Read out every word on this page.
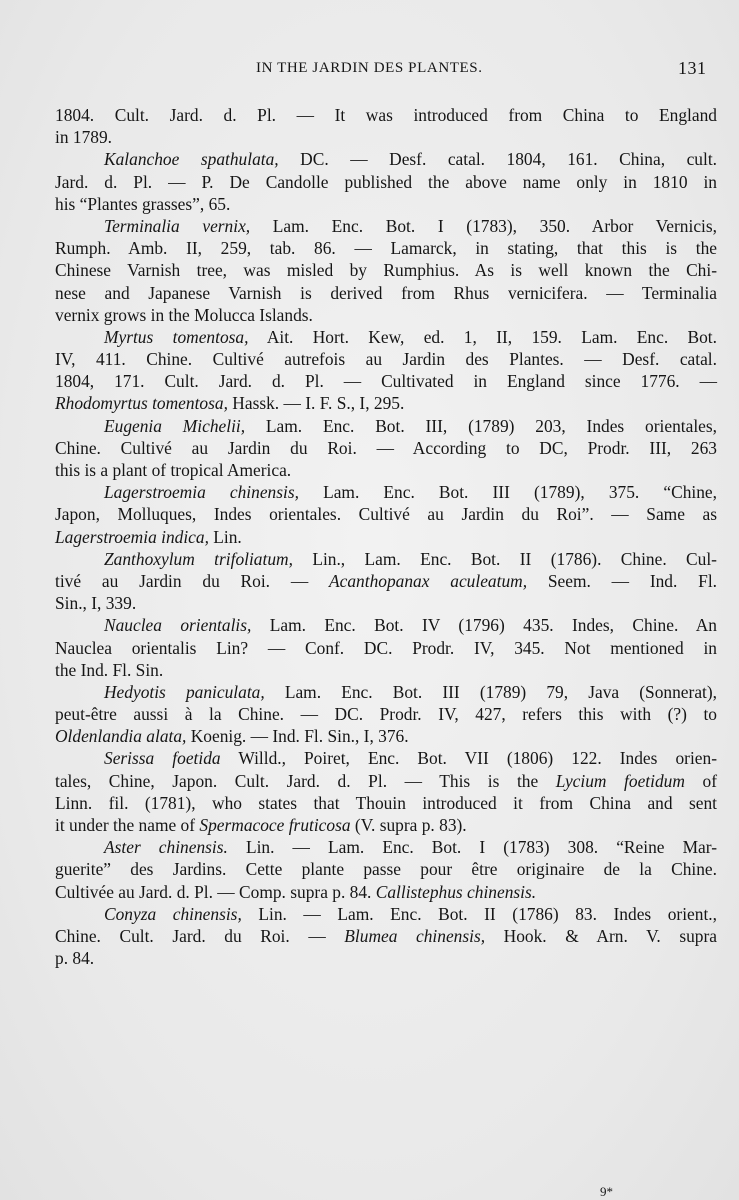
IN THE JARDIN DES PLANTES.	131
1804. Cult. Jard. d. Pl. — It was introduced from China to England
in 1789.
Kalanchoe spathulata, DC. — Desf. catal. 1804, 161. China, cult.
Jard. d. Pl. — P. De Candolle published the above name only in 1810 in
his “Plantes grasses”, 65.
Terminalia vernix, Lam. Enc. Bot. I (1783), 350. Arbor Vernicis,
Rumph. Amb. II, 259, tab. 86. — Lamarck, in stating, that this is the
Chinese Varnish tree, was misled by Rumphius. As is well known the Chi-
nese and Japanese Varnish is derived from Rhus vernicifera. — Terminalia
vernix grows in the Molucca Islands.
Myrtus tomentosa, Ait. Hort. Kew, ed. 1, II, 159. Lam. Enc. Bot.
IV, 411. Chine. Cultivé autrefois au Jardin des Plantes. — Desf. catal.
1804, 171. Cult. Jard. d. Pl. — Cultivated in England since 1776. —
Rhodomyrtus tomentosa, Hassk. — I. F. S., I, 295.
Eugenia Michelii, Lam. Enc. Bot. III, (1789) 203, Indes orientales,
Chine. Cultivé au Jardin du Roi. — According to DC, Prodr. III, 263
this is a plant of tropical America.
Lagerstroemia chinensis, Lam. Enc. Bot. III (1789), 375. “Chine,
Japon, Molluques, Indes orientales. Cultivé au Jardin du Roi”. — Same as
Lagerstroemia indica, Lin.
Zanthoxylum trifoliatum, Lin., Lam. Enc. Bot. II (1786). Chine. Cul-
tivé au Jardin du Roi. — Acanthopanax aculeatum, Seem. — Ind. Fl.
Sin., I, 339.
Nauclea orientalis, Lam. Enc. Bot. IV (1796) 435. Indes, Chine. An
Nauclea orientalis Lin? — Conf. DC. Prodr. IV, 345. Not mentioned in
the Ind. Fl. Sin.
Hedyotis paniculata, Lam. Enc. Bot. III (1789) 79, Java (Sonnerat),
peut-être aussi à la Chine. — DC. Prodr. IV, 427, refers this with (?) to
Oldenlandia alata, Koenig. — Ind. Fl. Sin., I, 376.
Serissa foetida Willd., Poiret, Enc. Bot. VII (1806) 122. Indes orien-
tales, Chine, Japon. Cult. Jard. d. Pl. — This is the Lycium foetidum of
Linn. fil. (1781), who states that Thouin introduced it from China and sent
it under the name of Spermacoce fruticosa (V. supra p. 83).
Aster chinensis. Lin. — Lam. Enc. Bot. I (1783) 308. “Reine Mar-
guerite” des Jardins. Cette plante passe pour être originaire de la Chine.
Cultivée au Jard. d. Pl. — Comp. supra p. 84. Callistephus chinensis.
Conyza chinensis, Lin. — Lam. Enc. Bot. II (1786) 83. Indes orient.,
Chine. Cult. Jard. du Roi. — Blumea chinensis, Hook. & Arn. V. supra
p. 84.
9*
